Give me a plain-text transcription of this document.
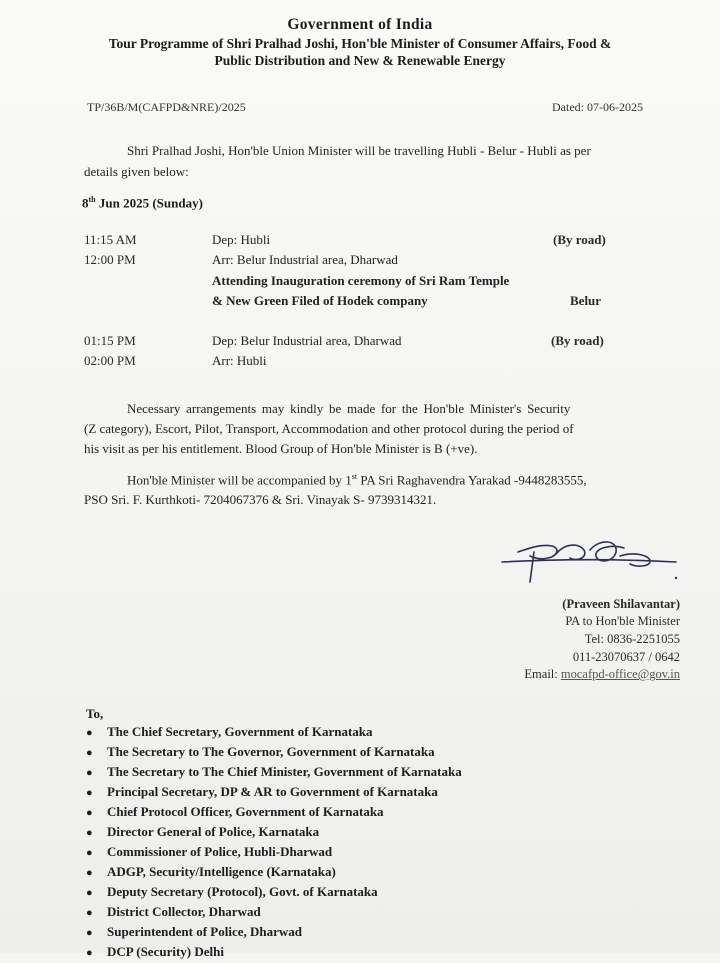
Government of India
Tour Programme of Shri Pralhad Joshi, Hon'ble Minister of Consumer Affairs, Food &
Public Distribution and New & Renewable Energy
TP/36B/M(CAFPD&NRE)/2025	Dated: 07-06-2025
Shri Pralhad Joshi, Hon'ble Union Minister will be travelling Hubli - Belur - Hubli as per
details given below:
8th Jun 2025 (Sunday)
11:15 AM	Dep: Hubli	(By road)
12:00 PM	Arr: Belur Industrial area, Dharwad
Attending Inauguration ceremony of Sri Ram Temple
& New Green Filed of Hodek company	Belur
01:15 PM	Dep: Belur Industrial area, Dharwad	(By road)
02:00 PM	Arr: Hubli
Necessary arrangements may kindly be made for the Hon'ble Minister's Security
(Z category), Escort, Pilot, Transport, Accommodation and other protocol during the period of
his visit as per his entitlement. Blood Group of Hon'ble Minister is B (+ve).
Hon'ble Minister will be accompanied by 1st PA Sri Raghavendra Yarakad -9448283555,
PSO Sri. F. Kurthkoti- 7204067376 & Sri. Vinayak S- 9739314321.
(Praveen Shilavantar)
PA to Hon'ble Minister
Tel: 0836-2251055
011-23070637 / 0642
Email: mocafpd-office@gov.in
To,
● The Chief Secretary, Government of Karnataka
● The Secretary to The Governor, Government of Karnataka
● The Secretary to The Chief Minister, Government of Karnataka
● Principal Secretary, DP & AR to Government of Karnataka
● Chief Protocol Officer, Government of Karnataka
● Director General of Police, Karnataka
● Commissioner of Police, Hubli-Dharwad
● ADGP, Security/Intelligence (Karnataka)
● Deputy Secretary (Protocol), Govt. of Karnataka
● District Collector, Dharwad
● Superintendent of Police, Dharwad
● DCP (Security) Delhi
